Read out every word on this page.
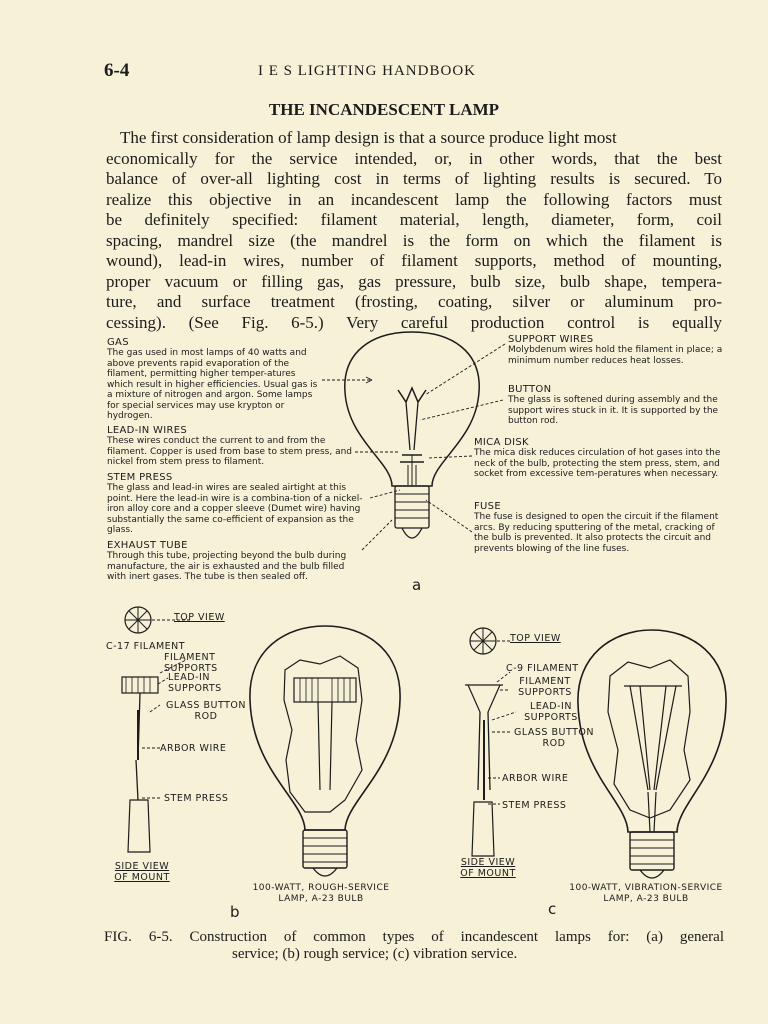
6-4	I E S LIGHTING HANDBOOK
THE INCANDESCENT LAMP
The first consideration of lamp design is that a source produce light most
economically for the service intended, or, in other words, that the best
balance of over-all lighting cost in terms of lighting results is secured. To
realize this objective in an incandescent lamp the following factors must
be definitely specified: filament material, length, diameter, form, coil
spacing, mandrel size (the mandrel is the form on which the filament is
wound), lead-in wires, number of filament supports, method of mounting,
proper vacuum or filling gas, gas pressure, bulb size, bulb shape, tempera-
ture, and surface treatment (frosting, coating, silver or aluminum pro-
cessing). (See Fig. 6-5.) Very careful production control is equally
GAS
The gas used in most lamps of 40 watts and above prevents rapid evaporation of the filament, permitting higher temper-atures which result in higher efficiencies. Usual gas is a mixture of nitrogen and argon. Some lamps for special services may use krypton or hydrogen.
LEAD-IN WIRES
These wires conduct the current to and from the filament. Copper is used from base to stem press, and nickel from stem press to filament.
STEM PRESS
The glass and lead-in wires are sealed airtight at this point. Here the lead-in wire is a combina-tion of a nickel-iron alloy core and a copper sleeve (Dumet wire) having substantially the same co-efficient of expansion as the glass.
EXHAUST TUBE
Through this tube, projecting beyond the bulb during manufacture, the air is exhausted and the bulb filled with inert gases. The tube is then sealed off.
SUPPORT WIRES
Molybdenum wires hold the filament in place; a minimum number reduces heat losses.
BUTTON
The glass is softened during assembly and the support wires stuck in it. It is supported by the button rod.
MICA DISK
The mica disk reduces circulation of hot gases into the neck of the bulb, protecting the stem press, stem, and socket from excessive tem-peratures when necessary.
FUSE
The fuse is designed to open the circuit if the filament arcs. By reducing sputtering of the metal, cracking of the bulb is prevented. It also protects the circuit and prevents blowing of the line fuses.
a
TOP VIEW
C-17 FILAMENT
FILAMENT SUPPORTS
LEAD-IN SUPPORTS
GLASS BUTTON ROD
ARBOR WIRE
STEM PRESS
SIDE VIEW OF MOUNT
100-WATT, ROUGH-SERVICE LAMP, A-23 BULB
b
TOP VIEW
C-9 FILAMENT
FILAMENT SUPPORTS
LEAD-IN SUPPORTS
GLASS BUTTON ROD
ARBOR WIRE
STEM PRESS
SIDE VIEW OF MOUNT
100-WATT, VIBRATION-SERVICE LAMP, A-23 BULB
c
FIG. 6-5. Construction of common types of incandescent lamps for: (a) general
service; (b) rough service; (c) vibration service.
